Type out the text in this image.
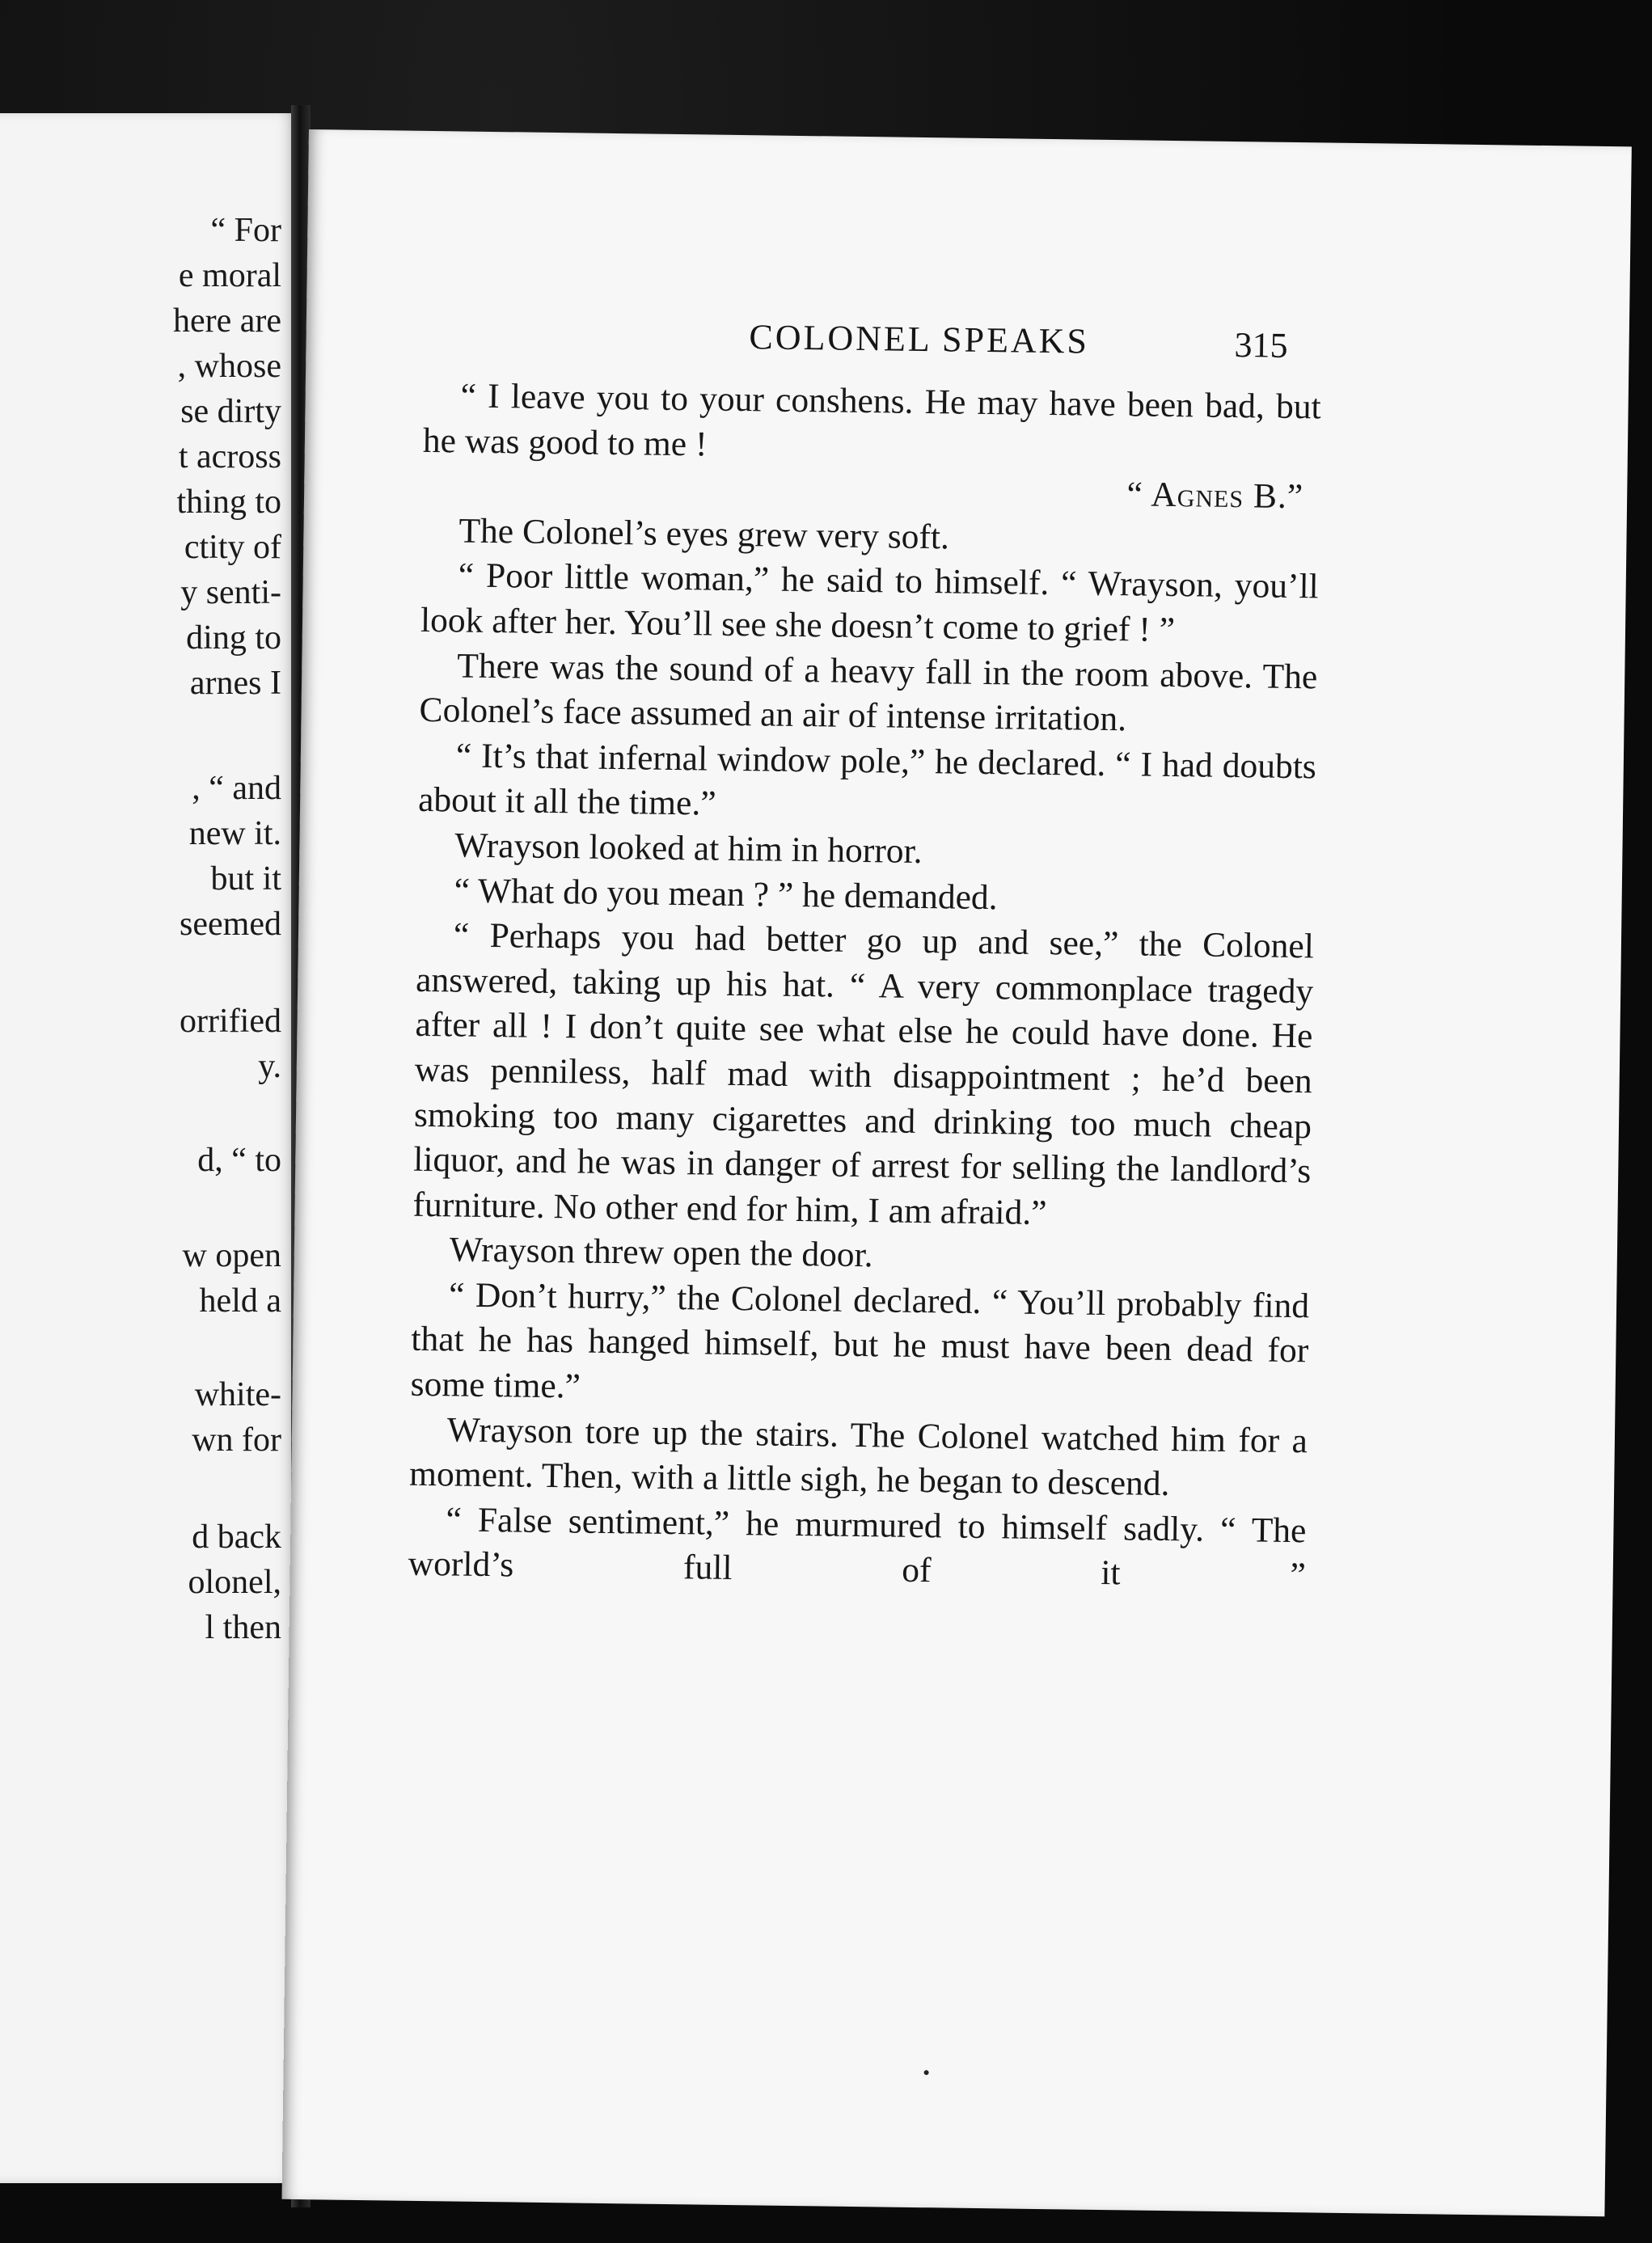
“ For
e moral
here are
, whose
se dirty
t across
thing to
ctity of
y senti-
ding to
arnes I
, “ and
new it.
but it
seemed
orrified
y.
d, “ to
w open
held a
white-
wn for
d back
olonel,
l then
COLONEL SPEAKS	315

“ I leave you to your conshens. He may have been bad, but he was good to me !

“ Agnes B.”

The Colonel’s eyes grew very soft.

“ Poor little woman,” he said to himself. “ Wrayson, you’ll look after her. You’ll see she doesn’t come to grief ! ”

There was the sound of a heavy fall in the room above. The Colonel’s face assumed an air of intense irritation.

“ It’s that infernal window pole,” he declared. “ I had doubts about it all the time.”

Wrayson looked at him in horror.

“ What do you mean ? ” he demanded.

“ Perhaps you had better go up and see,” the Colonel answered, taking up his hat. “ A very commonplace tragedy after all ! I don’t quite see what else he could have done. He was penniless, half mad with disappointment ; he’d been smoking too many cigarettes and drinking too much cheap liquor, and he was in danger of arrest for selling the landlord’s furniture. No other end for him, I am afraid.”

Wrayson threw open the door.

“ Don’t hurry,” the Colonel declared. “ You’ll probably find that he has hanged himself, but he must have been dead for some time.”

Wrayson tore up the stairs. The Colonel watched him for a moment. Then, with a little sigh, he began to descend.

“ False sentiment,” he murmured to himself sadly. “ The world’s full of it ”
